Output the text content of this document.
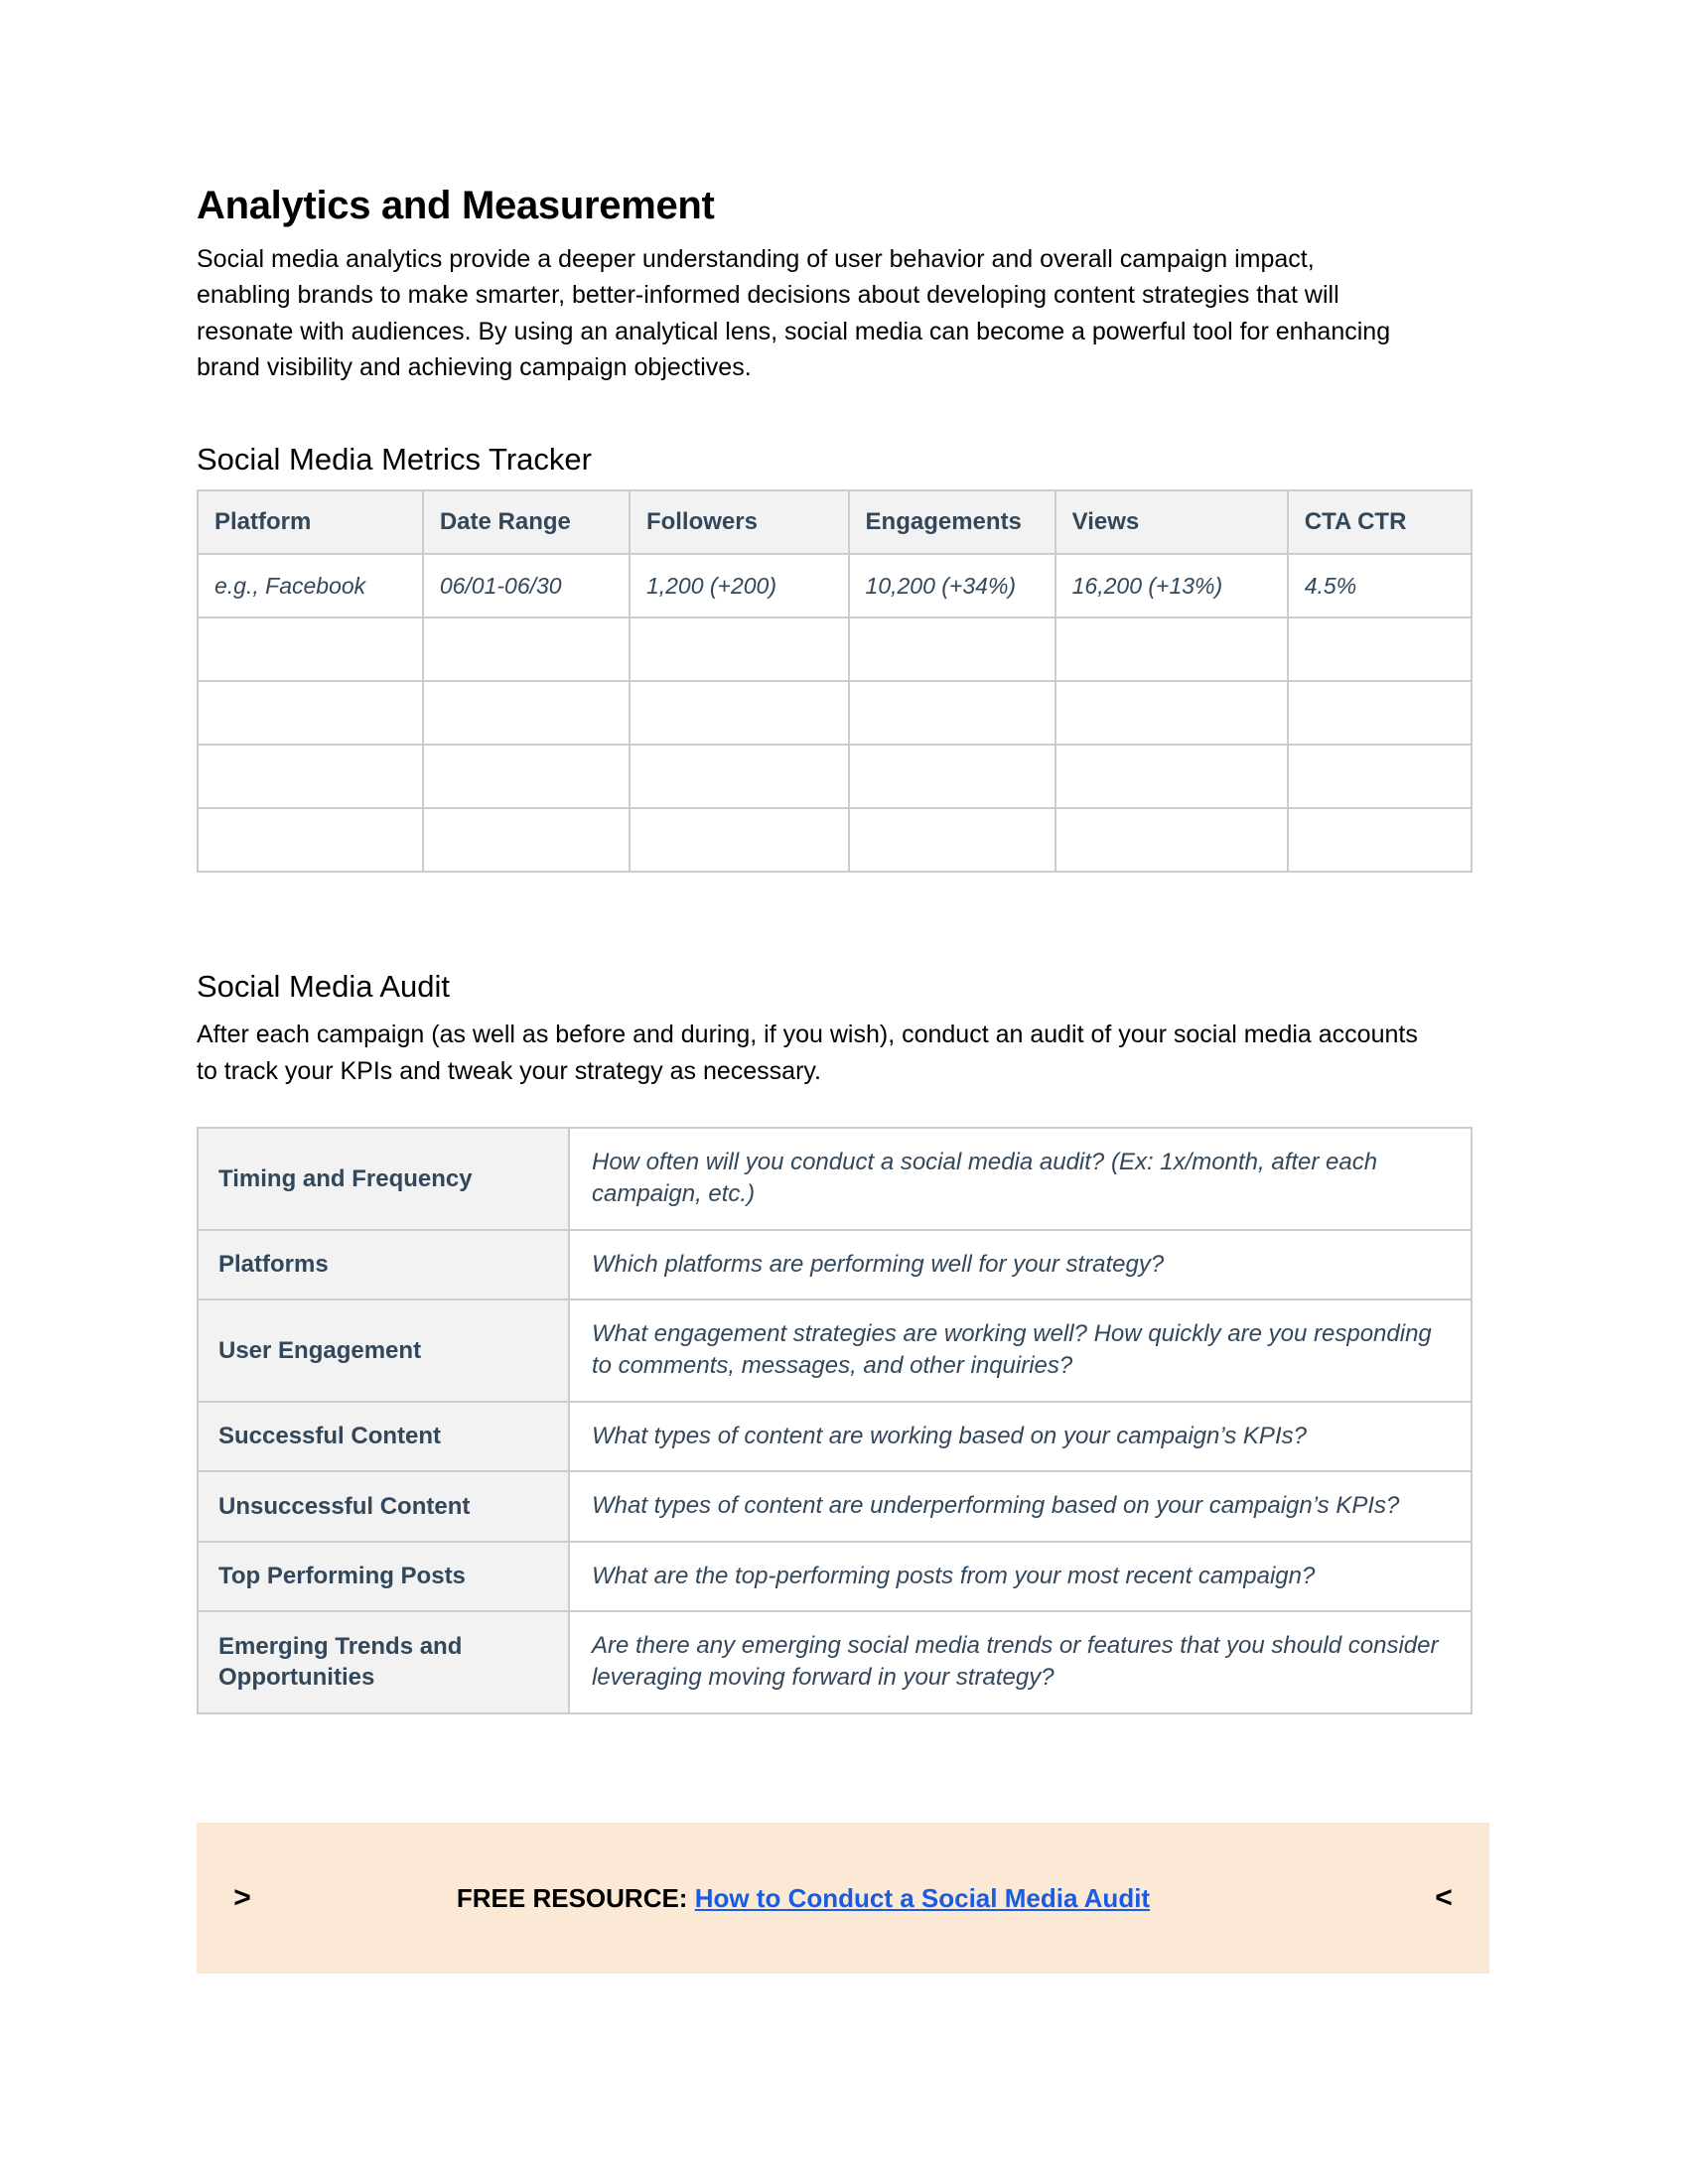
Analytics and Measurement

Social media analytics provide a deeper understanding of user behavior and overall campaign impact, enabling brands to make smarter, better-informed decisions about developing content strategies that will resonate with audiences. By using an analytical lens, social media can become a powerful tool for enhancing brand visibility and achieving campaign objectives.

Social Media Metrics Tracker
Platform	Date Range	Followers	Engagements	Views	CTA CTR
e.g., Facebook	06/01-06/30	1,200 (+200)	10,200 (+34%)	16,200 (+13%)	4.5%

Social Media Audit

After each campaign (as well as before and during, if you wish), conduct an audit of your social media accounts to track your KPIs and tweak your strategy as necessary.

Timing and Frequency	How often will you conduct a social media audit? (Ex: 1x/month, after each campaign, etc.)
Platforms	Which platforms are performing well for your strategy?
User Engagement	What engagement strategies are working well? How quickly are you responding to comments, messages, and other inquiries?
Successful Content	What types of content are working based on your campaign’s KPIs?
Unsuccessful Content	What types of content are underperforming based on your campaign’s KPIs?
Top Performing Posts	What are the top-performing posts from your most recent campaign?
Emerging Trends and Opportunities	Are there any emerging social media trends or features that you should consider leveraging moving forward in your strategy?
>	FREE RESOURCE: How to Conduct a Social Media Audit	<
